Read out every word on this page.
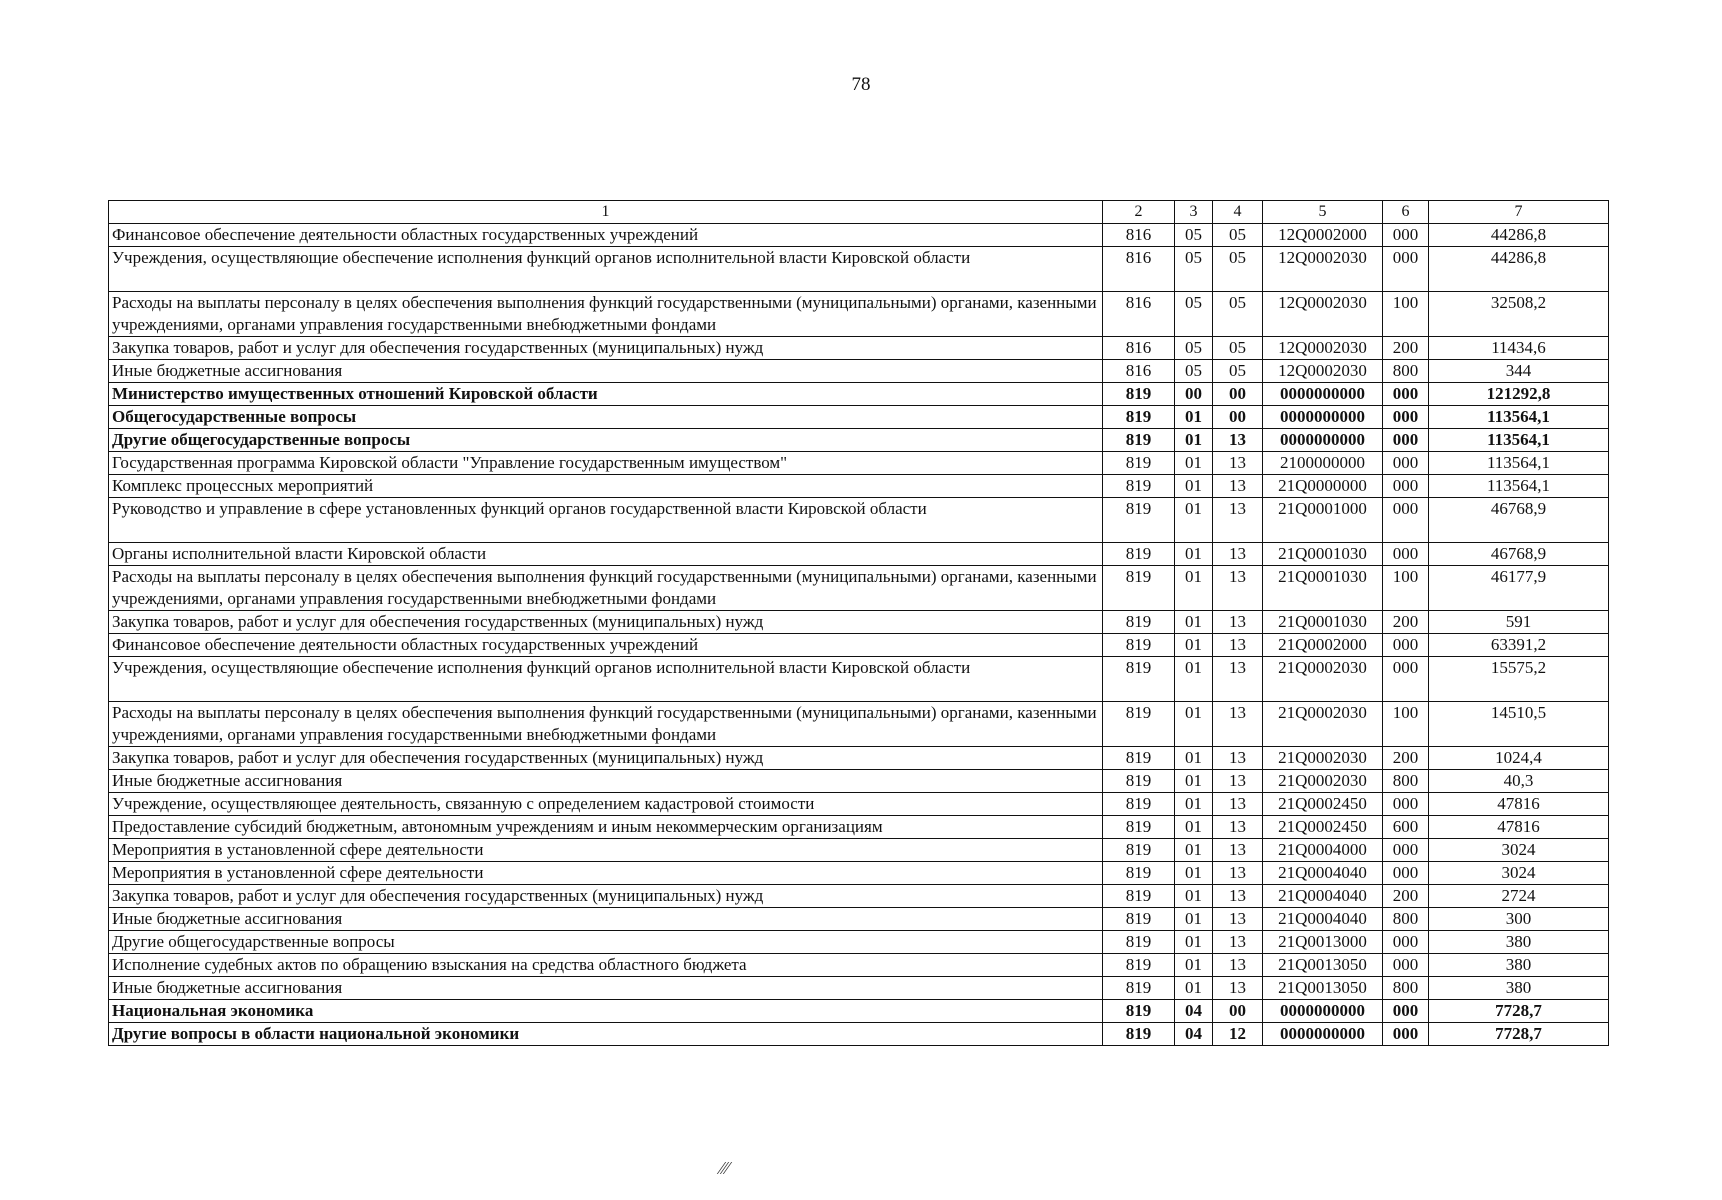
78
1	2	3	4	5	6	7
Финансовое обеспечение деятельности областных государственных учреждений	816	05	05	12Q0002000	000	44286,8
Учреждения, осуществляющие обеспечение исполнения функций органов исполнительной власти Кировской области	816	05	05	12Q0002030	000	44286,8
Расходы на выплаты персоналу в целях обеспечения выполнения функций государственными (муниципальными) органами, казенными учреждениями, органами управления государственными внебюджетными фондами	816	05	05	12Q0002030	100	32508,2
Закупка товаров, работ и услуг для обеспечения государственных (муниципальных) нужд	816	05	05	12Q0002030	200	11434,6
Иные бюджетные ассигнования	816	05	05	12Q0002030	800	344
Министерство имущественных отношений Кировской области	819	00	00	0000000000	000	121292,8
Общегосударственные вопросы	819	01	00	0000000000	000	113564,1
Другие общегосударственные вопросы	819	01	13	0000000000	000	113564,1
Государственная программа Кировской области "Управление государственным имуществом"	819	01	13	2100000000	000	113564,1
Комплекс процессных мероприятий	819	01	13	21Q0000000	000	113564,1
Руководство и управление в сфере установленных функций органов государственной власти Кировской области	819	01	13	21Q0001000	000	46768,9
Органы исполнительной власти Кировской области	819	01	13	21Q0001030	000	46768,9
Расходы на выплаты персоналу в целях обеспечения выполнения функций государственными (муниципальными) органами, казенными учреждениями, органами управления государственными внебюджетными фондами	819	01	13	21Q0001030	100	46177,9
Закупка товаров, работ и услуг для обеспечения государственных (муниципальных) нужд	819	01	13	21Q0001030	200	591
Финансовое обеспечение деятельности областных государственных учреждений	819	01	13	21Q0002000	000	63391,2
Учреждения, осуществляющие обеспечение исполнения функций органов исполнительной власти Кировской области	819	01	13	21Q0002030	000	15575,2
Расходы на выплаты персоналу в целях обеспечения выполнения функций государственными (муниципальными) органами, казенными учреждениями, органами управления государственными внебюджетными фондами	819	01	13	21Q0002030	100	14510,5
Закупка товаров, работ и услуг для обеспечения государственных (муниципальных) нужд	819	01	13	21Q0002030	200	1024,4
Иные бюджетные ассигнования	819	01	13	21Q0002030	800	40,3
Учреждение, осуществляющее деятельность, связанную с определением кадастровой стоимости	819	01	13	21Q0002450	000	47816
Предоставление субсидий бюджетным, автономным учреждениям и иным некоммерческим организациям	819	01	13	21Q0002450	600	47816
Мероприятия в установленной сфере деятельности	819	01	13	21Q0004000	000	3024
Мероприятия в установленной сфере деятельности	819	01	13	21Q0004040	000	3024
Закупка товаров, работ и услуг для обеспечения государственных (муниципальных) нужд	819	01	13	21Q0004040	200	2724
Иные бюджетные ассигнования	819	01	13	21Q0004040	800	300
Другие общегосударственные вопросы	819	01	13	21Q0013000	000	380
Исполнение судебных актов по обращению взыскания на средства областного бюджета	819	01	13	21Q0013050	000	380
Иные бюджетные ассигнования	819	01	13	21Q0013050	800	380
Национальная экономика	819	04	00	0000000000	000	7728,7
Другие вопросы в области национальной экономики	819	04	12	0000000000	000	7728,7
⁄⁄⁄
